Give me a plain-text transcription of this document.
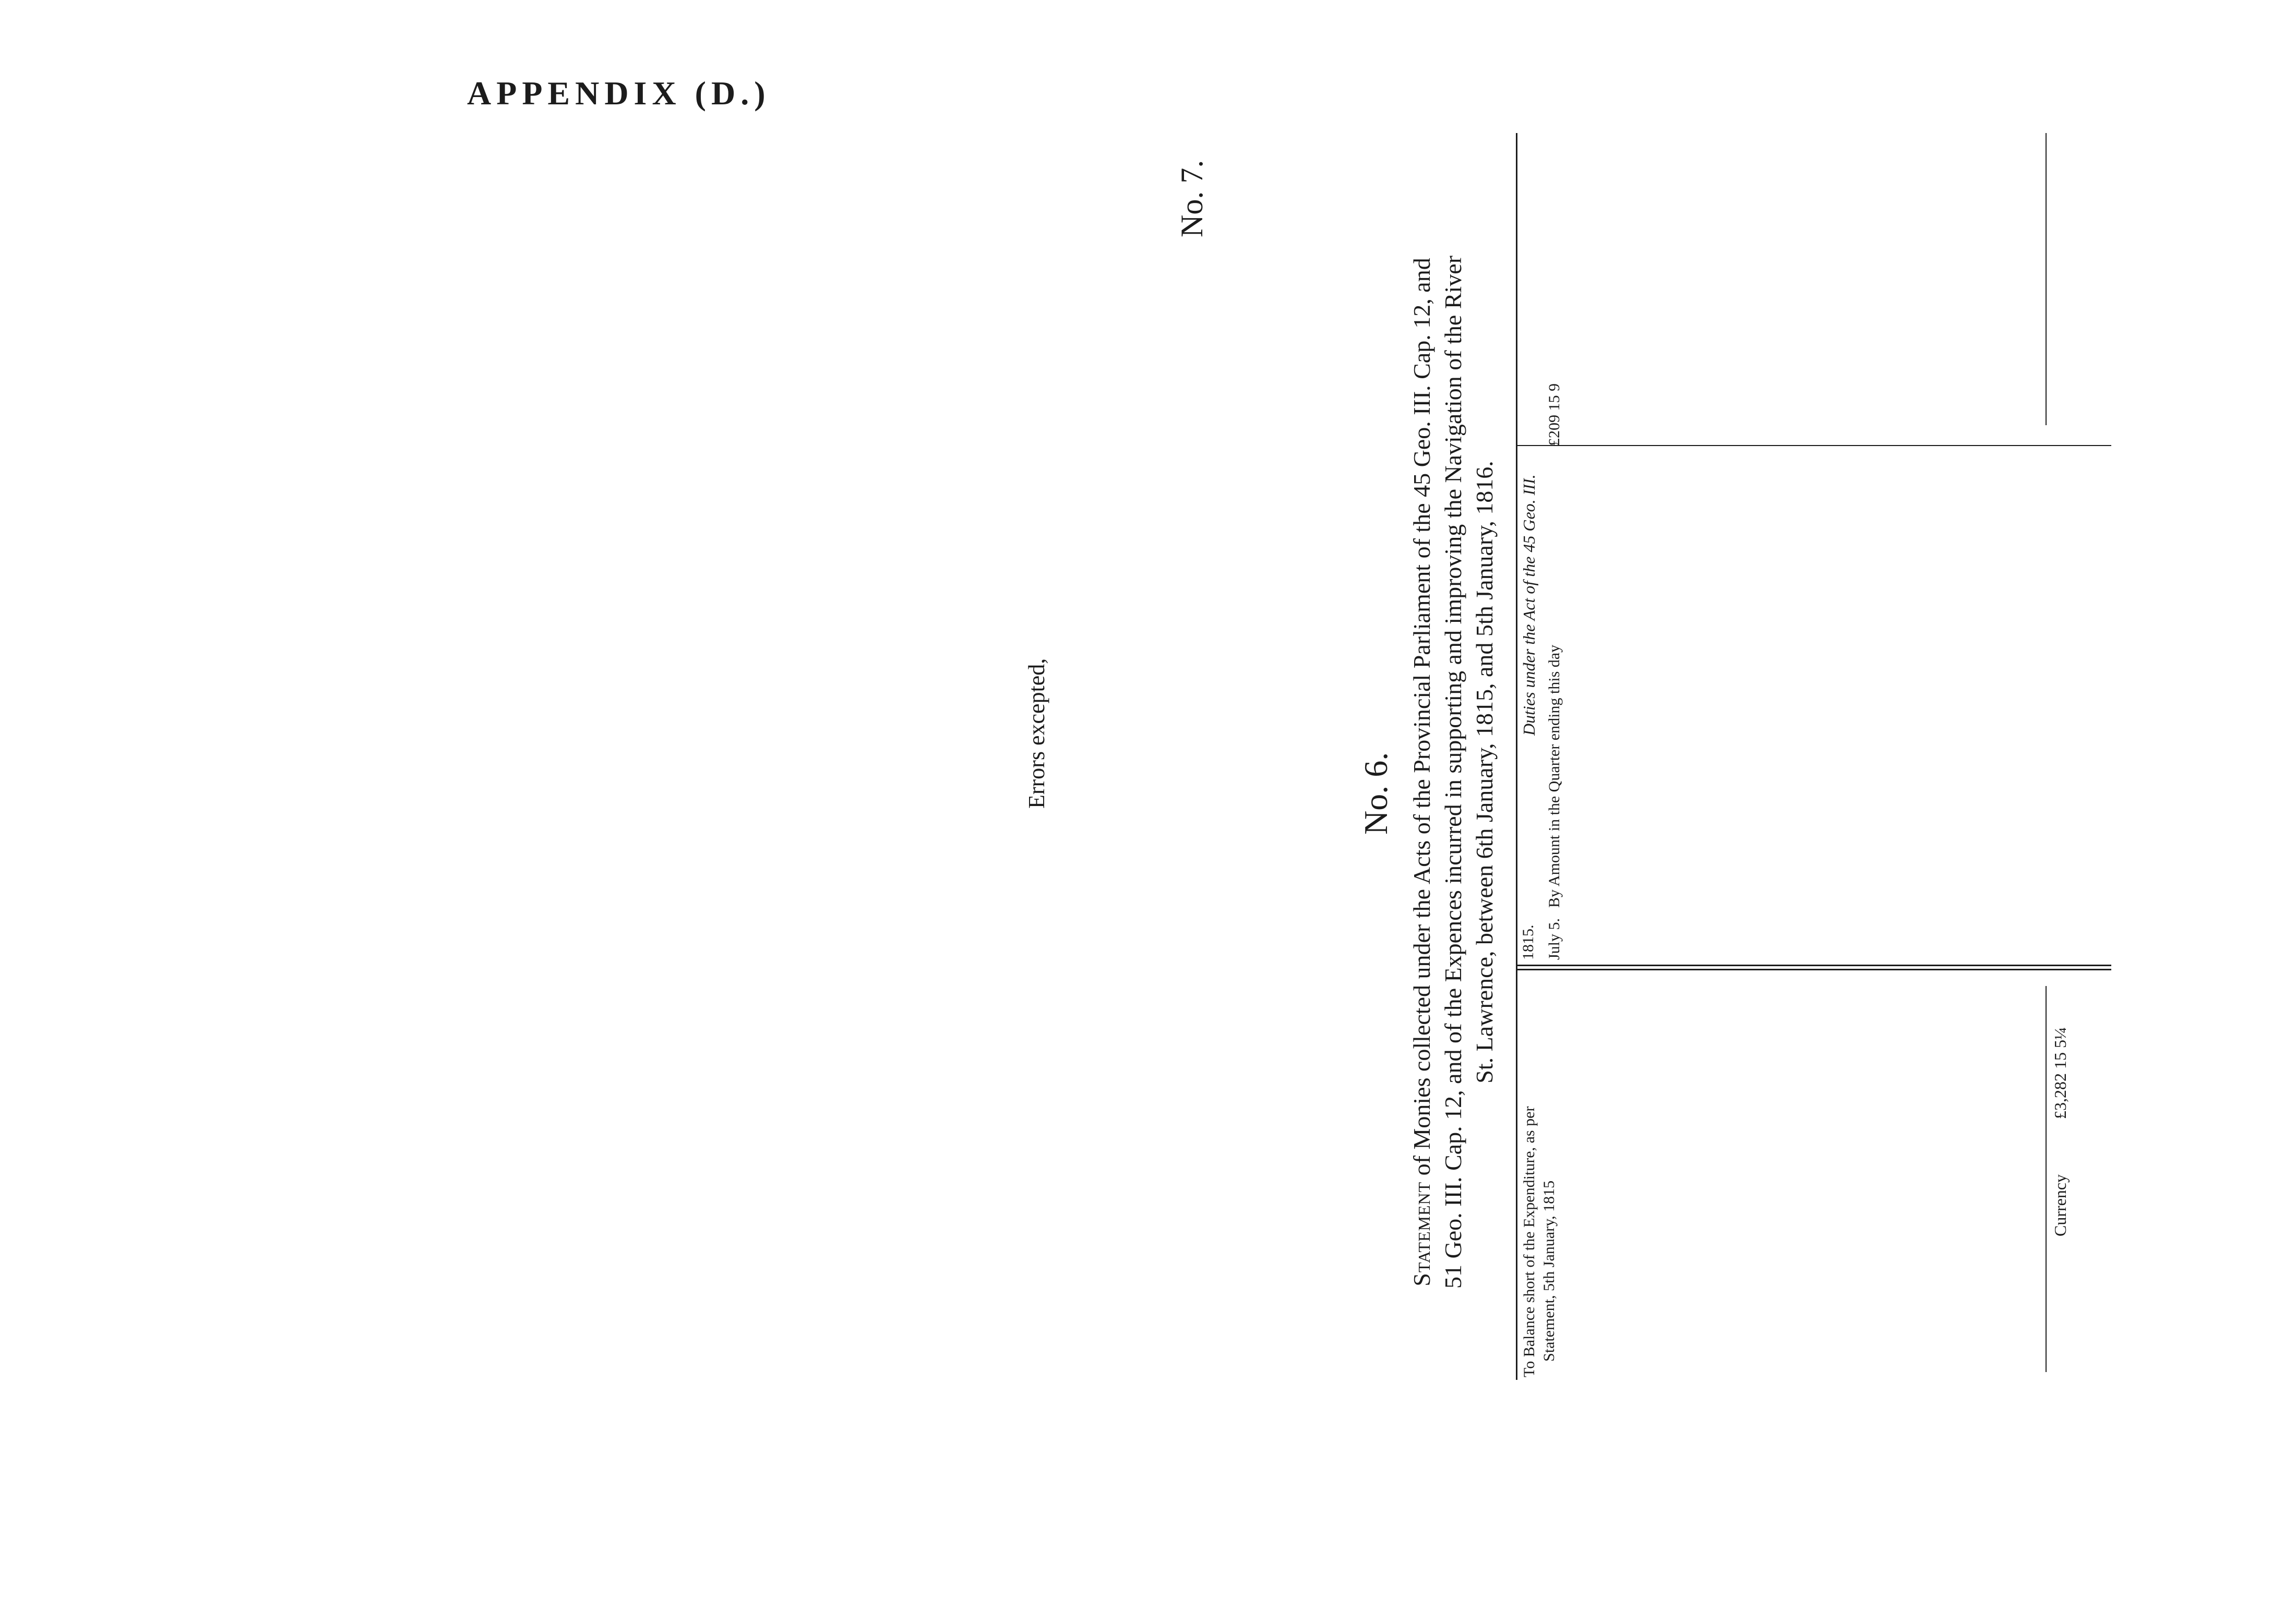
APPENDIX (D.)
No. 6.
Statement of Monies collected under the Acts of the Provincial Parliament of the 45 Geo. III. Cap. 12, and 51 Geo. III. Cap. 12, and of the Expences incurred in supporting and improving the Navigation of the River St. Lawrence, between 6th January, 1815, and 5th January, 1816.
To Balance short of the Expenditure, as per Statement, 5th January, 1815	Currency
£3,282 15 5¼
1815.
Duties under the Act of the 45 Geo. III.
July 5.
By Amount in the Quarter ending this day
£209 15 9
Errors excepted,
No. 7.
